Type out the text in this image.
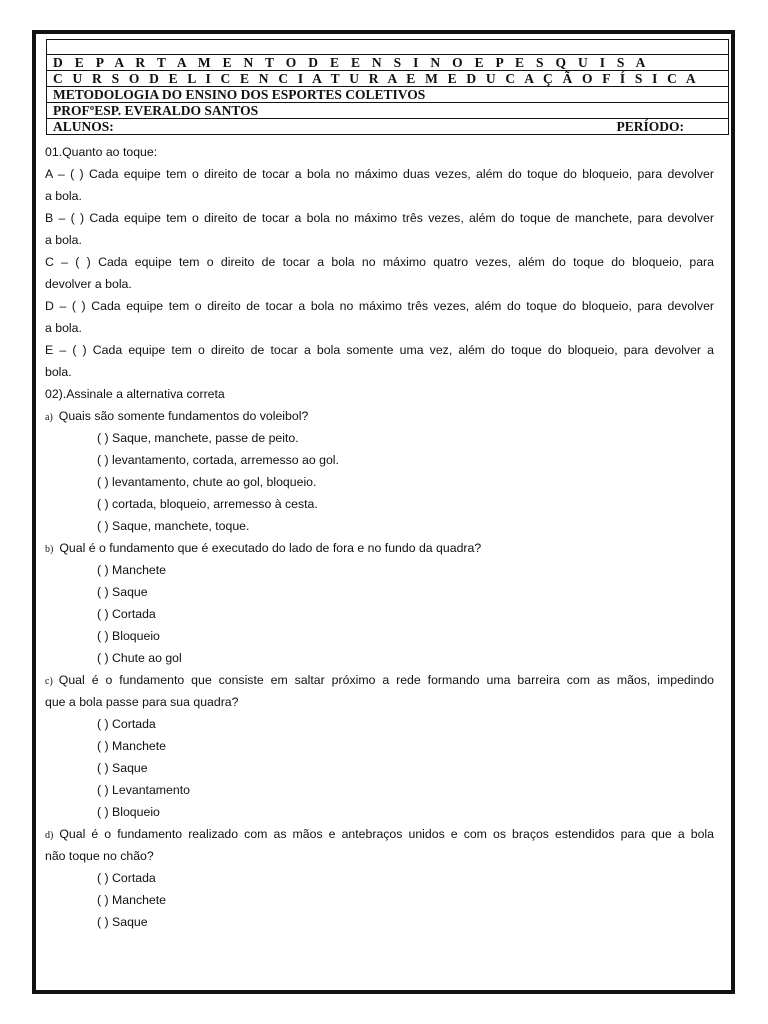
D E P A R T A M E N T O D E E N S I N O E P E S Q U I S A
C U R S O D E L I C E N C I A T U R A E M E D U C A Ç Ã O F Í S I C A
METODOLOGIA DO ENSINO DOS ESPORTES COLETIVOS
PROFºESP. EVERALDO SANTOS
ALUNOS:	PERÍODO:
01.Quanto ao toque:
A – ( ) Cada equipe tem o direito de tocar a bola no máximo duas vezes, além do toque do bloqueio, para devolver
a bola.
B – ( ) Cada equipe tem o direito de tocar a bola no máximo três vezes, além do toque de manchete, para devolver
a bola.
C – ( ) Cada equipe tem o direito de tocar a bola no máximo quatro vezes, além do toque do bloqueio, para
devolver a bola.
D – ( ) Cada equipe tem o direito de tocar a bola no máximo três vezes, além do toque do bloqueio, para devolver
a bola.
E – ( ) Cada equipe tem o direito de tocar a bola somente uma vez, além do toque do bloqueio, para devolver a
bola.
02).Assinale a alternativa correta
a) Quais são somente fundamentos do voleibol?
( ) Saque, manchete, passe de peito.
( ) levantamento, cortada, arremesso ao gol.
( ) levantamento, chute ao gol, bloqueio.
( ) cortada, bloqueio, arremesso à cesta.
( ) Saque, manchete, toque.
b) Qual é o fundamento que é executado do lado de fora e no fundo da quadra?
( ) Manchete
( ) Saque
( ) Cortada
( ) Bloqueio
( ) Chute ao gol
c) Qual é o fundamento que consiste em saltar próximo a rede formando uma barreira com as mãos, impedindo
que a bola passe para sua quadra?
( ) Cortada
( ) Manchete
( ) Saque
( ) Levantamento
( ) Bloqueio
d) Qual é o fundamento realizado com as mãos e antebraços unidos e com os braços estendidos para que a bola
não toque no chão?
( ) Cortada
( ) Manchete
( ) Saque
